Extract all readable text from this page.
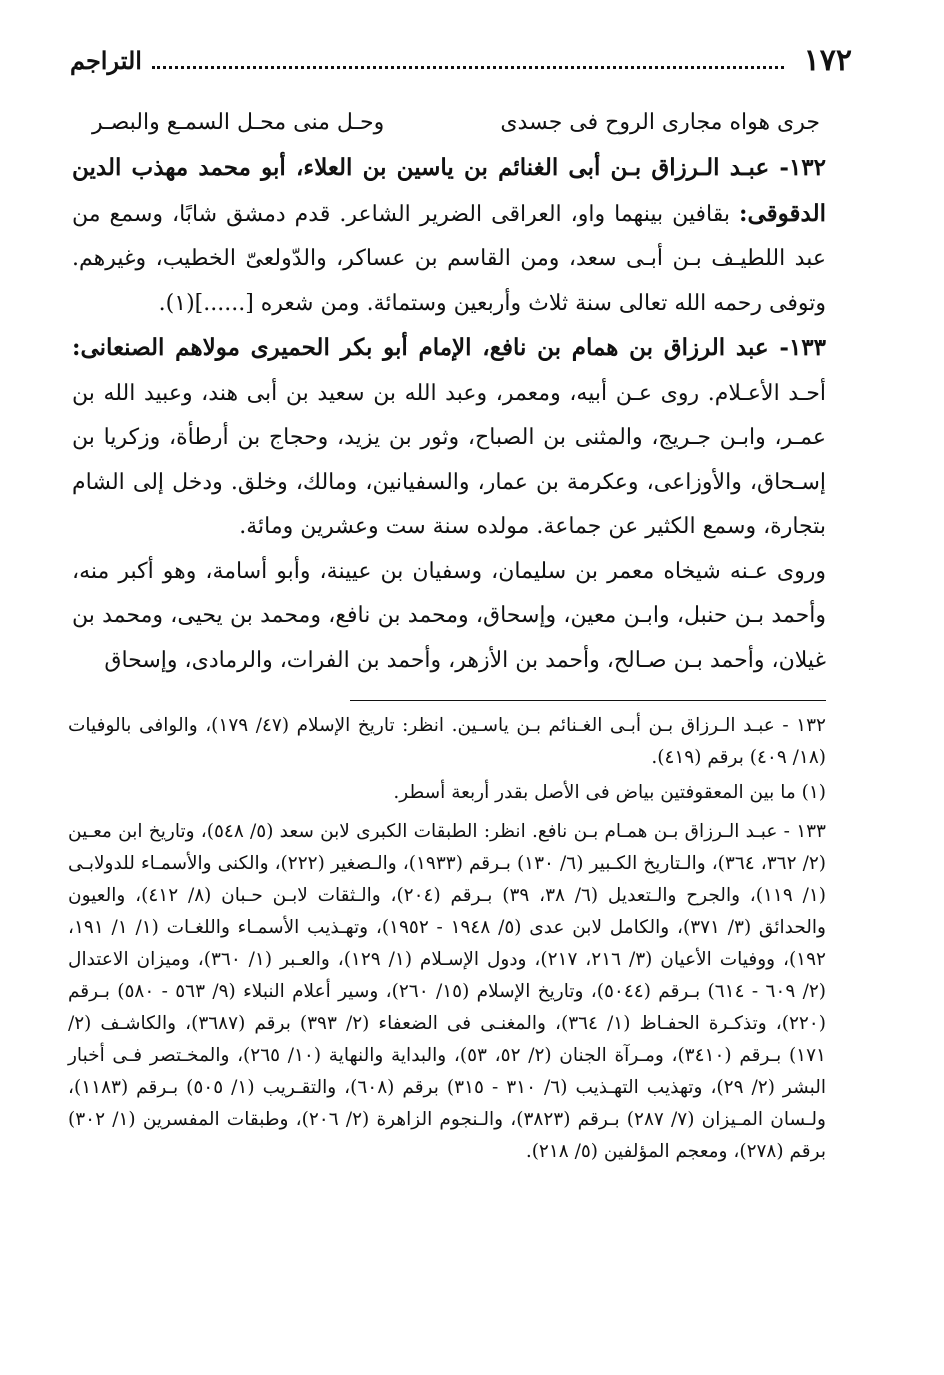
١٧٢
التراجم
جرى هواه مجارى الروح فى جسدى
وحـل منى محـل السمـع والبصـر

١٣٢- عبـد الـرزاق بـن أبى الغنائم بن ياسين بن العلاء، أبو محمد مهذب الدين الدقوقى: بقافين بينهما واو، العراقى الضرير الشاعر. قدم دمشق شابًا، وسمع من عبد اللطيـف بـن أبـى سعد، ومن القاسم بن عساكر، والدّولعىّ الخطيب، وغيرهم. وتوفى رحمه الله تعالى سنة ثلاث وأربعين وستمائة. ومن شعره [......](١).

١٣٣- عبد الرزاق بن همام بن نافع، الإمام أبو بكر الحميرى مولاهم الصنعانى: أحـد الأعـلام. روى عـن أبيه، ومعمر، وعبد الله بن سعيد بن أبى هند، وعبيد الله بن عمـر، وابـن جـريج، والمثنى بن الصباح، وثور بن يزيد، وحجاج بن أرطأة، وزكريا بن إسـحاق، والأوزاعى، وعكرمة بن عمار، والسفيانين، ومالك، وخلق. ودخل إلى الشام بتجارة، وسمع الكثير عن جماعة. مولده سنة ست وعشرين ومائة.

وروى عـنه شيخاه معمر بن سليمان، وسفيان بن عيينة، وأبو أسامة، وهو أكبر منه، وأحمد بـن حنبل، وابـن معين، وإسحاق، ومحمد بن نافع، ومحمد بن يحيى، ومحمد بن غيلان، وأحمد بـن صـالح، وأحمد بن الأزهر، وأحمد بن الفرات، والرمادى، وإسحاق

١٣٢ - عبـد الـرزاق بـن أبـى الغـنائم بـن ياسـين. انظر: تاريخ الإسلام (٤٧/ ١٧٩)، والوافى بالوفيات (١٨/ ٤٠٩) برقم (٤١٩).

(١) ما بين المعقوفتين بياض فى الأصل بقدر أربعة أسطر.

١٣٣ - عبـد الـرزاق بـن همـام بـن نافع. انظر: الطبقات الكبرى لابن سعد (٥/ ٥٤٨)، وتاريخ ابن معـين (٢/ ٣٦٢، ٣٦٤)، والـتاريخ الكـبير (٦/ ١٣٠) بـرقم (١٩٣٣)، والـصغير (٢٢٢)، والكنى والأسمـاء للدولابـى (١/ ١١٩)، والجرح والـتعديل (٦/ ٣٨، ٣٩) بـرقم (٢٠٤)، والـثقات لابـن حـبان (٨/ ٤١٢)، والعيون والحدائق (٣/ ٣٧١)، والكامل لابن عدى (٥/ ١٩٤٨ - ١٩٥٢)، وتهـذيب الأسمـاء واللغـات (١/ ١/ ١٩١، ١٩٢)، ووفيات الأعيان (٣/ ٢١٦، ٢١٧)، ودول الإسـلام (١/ ١٢٩)، والعـبر (١/ ٣٦٠)، وميزان الاعتدال (٢/ ٦٠٩ - ٦١٤) بـرقم (٥٠٤٤)، وتاريخ الإسلام (١٥/ ٢٦٠)، وسير أعلام النبلاء (٩/ ٥٦٣ - ٥٨٠) بـرقم (٢٢٠)، وتذكـرة الحفـاظ (١/ ٣٦٤)، والمغنـى فى الضعفاء (٢/ ٣٩٣) برقم (٣٦٨٧)، والكاشـف (٢/ ١٧١) بـرقم (٣٤١٠)، ومـرآة الجنان (٢/ ٥٢، ٥٣)، والبداية والنهاية (١٠/ ٢٦٥)، والمخـتصر فـى أخبار البشر (٢/ ٢٩)، وتهذيب التهـذيب (٦/ ٣١٠ - ٣١٥) برقم (٦٠٨)، والتقـريب (١/ ٥٠٥) بـرقم (١١٨٣)، ولـسان المـيزان (٧/ ٢٨٧) بـرقم (٣٨٢٣)، والـنجوم الزاهرة (٢/ ٢٠٦)، وطبقات المفسرين (١/ ٣٠٢) برقم (٢٧٨)، ومعجم المؤلفين (٥/ ٢١٨).
